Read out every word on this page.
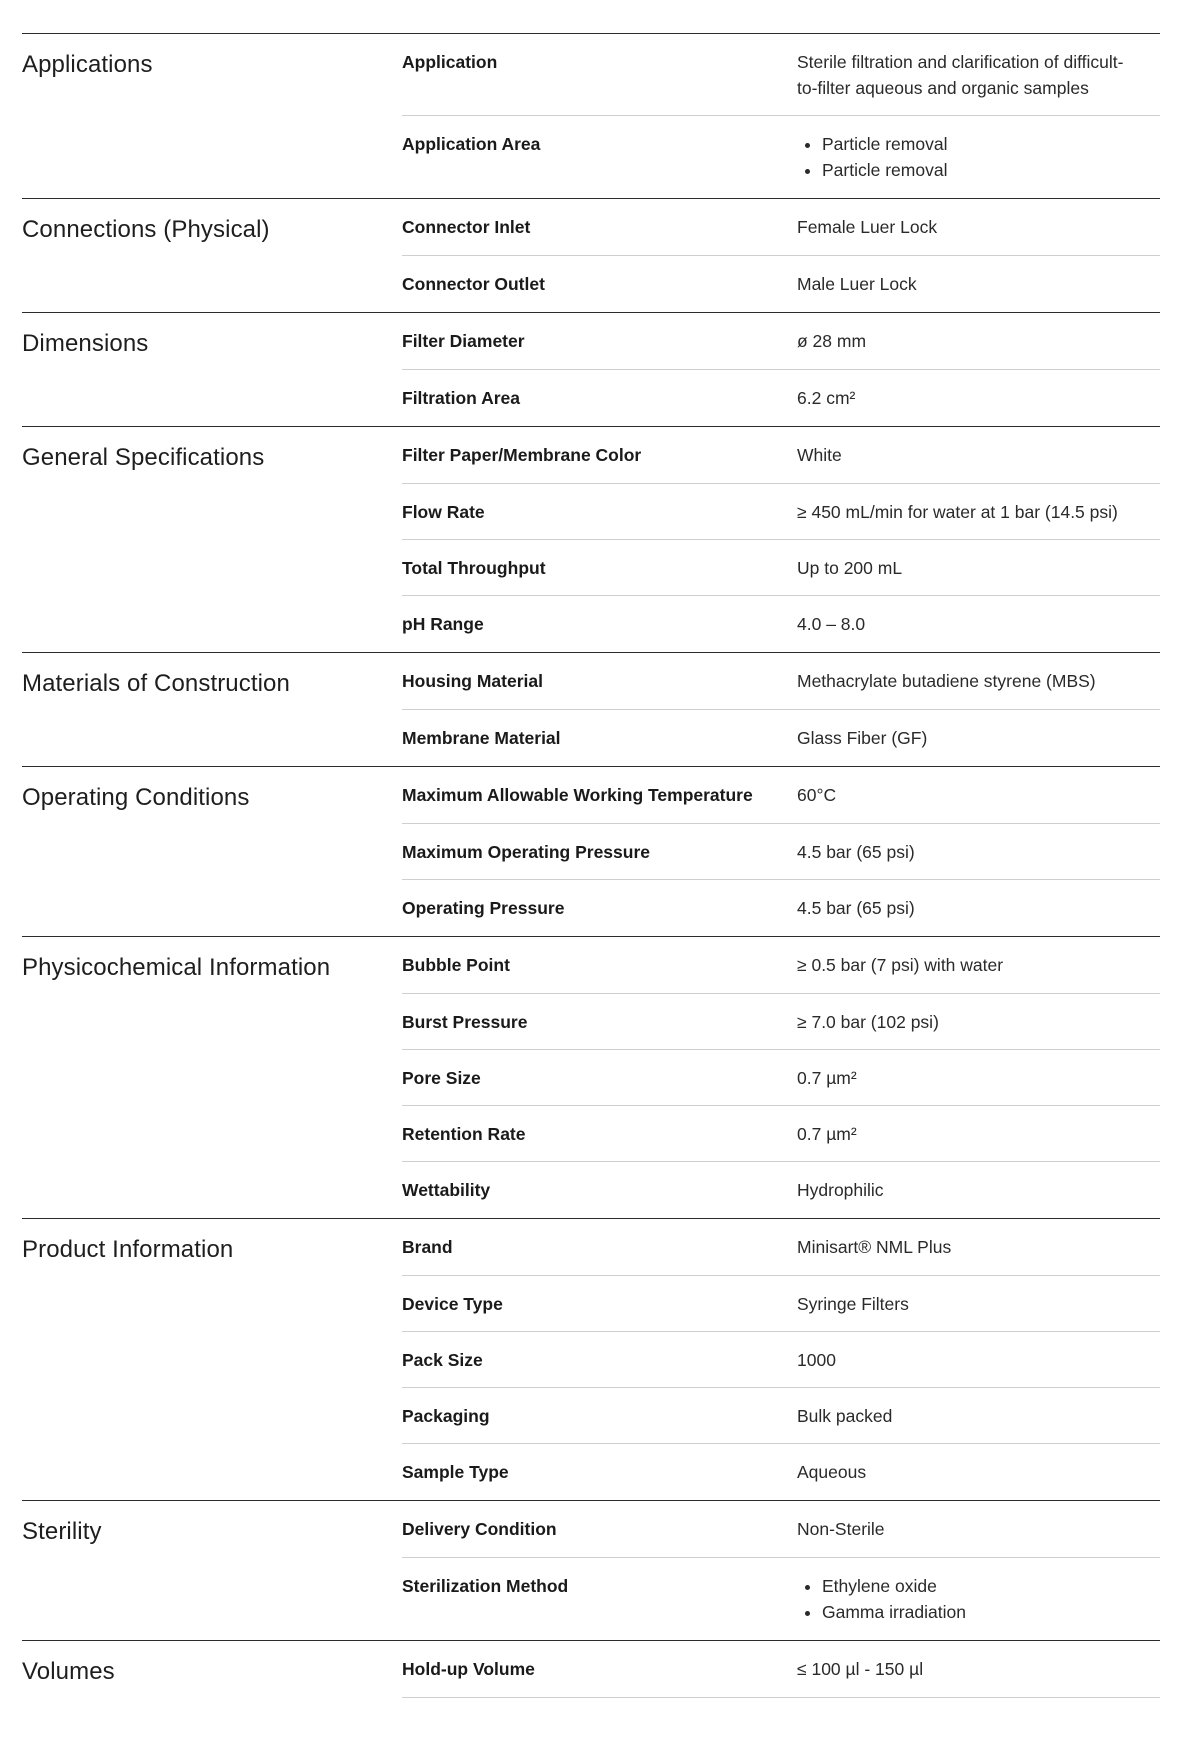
Applications	Application	Sterile filtration and clarification of difficult-
to-filter aqueous and organic samples
Application Area	• Particle removal
• Particle removal
Connections (Physical)	Connector Inlet	Female Luer Lock
Connector Outlet	Male Luer Lock
Dimensions	Filter Diameter	ø 28 mm
Filtration Area	6.2 cm²
General Specifications	Filter Paper/Membrane Color	White
Flow Rate	≥ 450 mL/min for water at 1 bar (14.5 psi)
Total Throughput	Up to 200 mL
pH Range	4.0 – 8.0
Materials of Construction	Housing Material	Methacrylate butadiene styrene (MBS)
Membrane Material	Glass Fiber (GF)
Operating Conditions	Maximum Allowable Working Temperature	60°C
Maximum Operating Pressure	4.5 bar (65 psi)
Operating Pressure	4.5 bar (65 psi)
Physicochemical Information	Bubble Point	≥ 0.5 bar (7 psi) with water
Burst Pressure	≥ 7.0 bar (102 psi)
Pore Size	0.7 µm²
Retention Rate	0.7 µm²
Wettability	Hydrophilic
Product Information	Brand	Minisart® NML Plus
Device Type	Syringe Filters
Pack Size	1000
Packaging	Bulk packed
Sample Type	Aqueous
Sterility	Delivery Condition	Non-Sterile
Sterilization Method	• Ethylene oxide
• Gamma irradiation
Volumes	Hold-up Volume	≤ 100 µl - 150 µl
